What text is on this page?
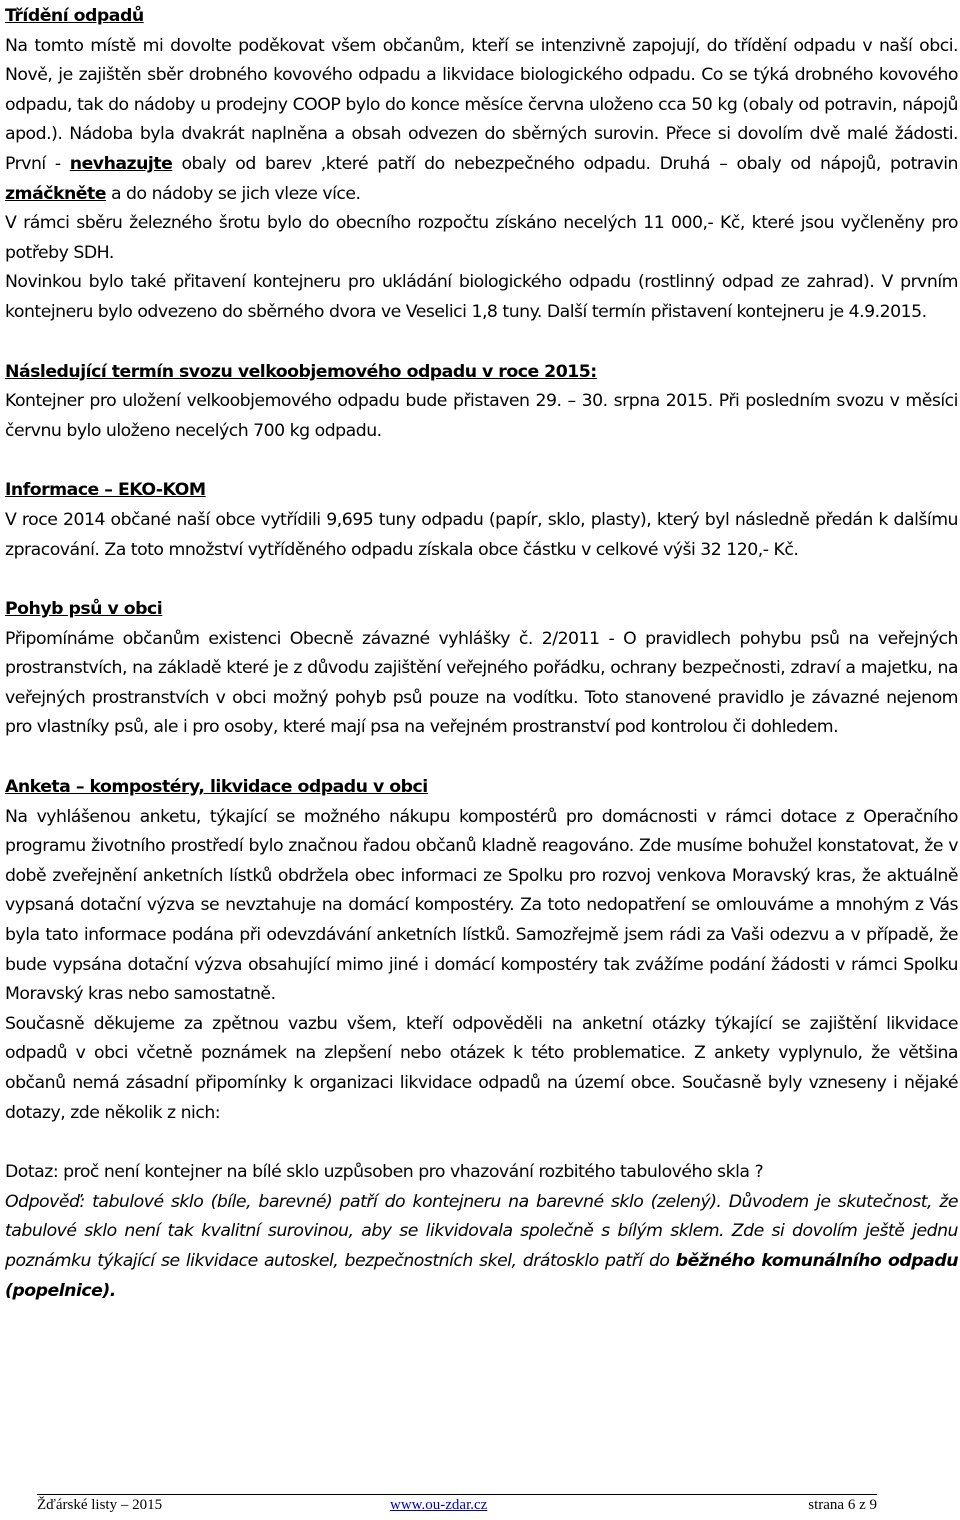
Třídění odpadů

Na tomto místě mi dovolte poděkovat všem občanům, kteří se intenzivně zapojují, do třídění odpadu v naší obci. Nově, je zajištěn sběr drobného kovového odpadu a likvidace biologického odpadu. Co se týká drobného kovového odpadu, tak do nádoby u prodejny COOP bylo do konce měsíce června uloženo cca 50 kg (obaly od potravin, nápojů apod.). Nádoba byla dvakrát naplněna a obsah odvezen do sběrných surovin. Přece si dovolím dvě malé žádosti. První - nevhazujte obaly od barev ,které patří do nebezpečného odpadu. Druhá – obaly od nápojů, potravin zmáčkněte a do nádoby se jich vleze více.

V rámci sběru železného šrotu bylo do obecního rozpočtu získáno necelých 11 000,- Kč, které jsou vyčleněny pro potřeby SDH.

Novinkou bylo také přitavení kontejneru pro ukládání biologického odpadu (rostlinný odpad ze zahrad). V prvním kontejneru bylo odvezeno do sběrného dvora ve Veselici 1,8 tuny. Další termín přistavení kontejneru je 4.9.2015.

Následující termín svozu velkoobjemového odpadu v roce 2015:

Kontejner pro uložení velkoobjemového odpadu bude přistaven 29. – 30. srpna 2015. Při posledním svozu v měsíci červnu bylo uloženo necelých 700 kg odpadu.

Informace – EKO-KOM

V roce 2014 občané naší obce vytřídili 9,695 tuny odpadu (papír, sklo, plasty), který byl následně předán k dalšímu zpracování. Za toto množství vytříděného odpadu získala obce částku v celkové výši 32 120,- Kč.

Pohyb psů v obci

Připomínáme občanům existenci Obecně závazné vyhlášky č. 2/2011 - O pravidlech pohybu psů na veřejných prostranstvích, na základě které je z důvodu zajištění veřejného pořádku, ochrany bezpečnosti, zdraví a majetku, na veřejných prostranstvích v obci možný pohyb psů pouze na vodítku. Toto stanovené pravidlo je závazné nejenom pro vlastníky psů, ale i pro osoby, které mají psa na veřejném prostranství pod kontrolou či dohledem.

Anketa – kompostéry, likvidace odpadu v obci

Na vyhlášenou anketu, týkající se možného nákupu kompostérů pro domácnosti v rámci dotace z Operačního programu životního prostředí bylo značnou řadou občanů kladně reagováno. Zde musíme bohužel konstatovat, že v době zveřejnění anketních lístků obdržela obec informaci ze Spolku pro rozvoj venkova Moravský kras, že aktuálně vypsaná dotační výzva se nevztahuje na domácí kompostéry. Za toto nedopatření se omlouváme a mnohým z Vás byla tato informace podána při odevzdávání anketních lístků. Samozřejmě jsem rádi za Vaši odezvu a v případě, že bude vypsána dotační výzva obsahující mimo jiné i domácí kompostéry tak zvážíme podání žádosti v rámci Spolku Moravský kras nebo samostatně.

Současně děkujeme za zpětnou vazbu všem, kteří odpověděli na anketní otázky týkající se zajištění likvidace odpadů v obci včetně poznámek na zlepšení nebo otázek k této problematice. Z ankety vyplynulo, že většina občanů nemá zásadní připomínky k organizaci likvidace odpadů na území obce. Současně byly vzneseny i nějaké dotazy, zde několik z nich:

Dotaz: proč není kontejner na bílé sklo uzpůsoben pro vhazování rozbitého tabulového skla ?

Odpověď: tabulové sklo (bíle, barevné) patří do kontejneru na barevné sklo (zelený). Důvodem je skutečnost, že tabulové sklo není tak kvalitní surovinou, aby se likvidovala společně s bílým sklem. Zde si dovolím ještě jednu poznámku týkající se likvidace autoskel, bezpečnostních skel, drátosklo patří do běžného komunálního odpadu (popelnice).

Žďárské listy – 2015	www.ou-zdar.cz	strana 6 z 9
